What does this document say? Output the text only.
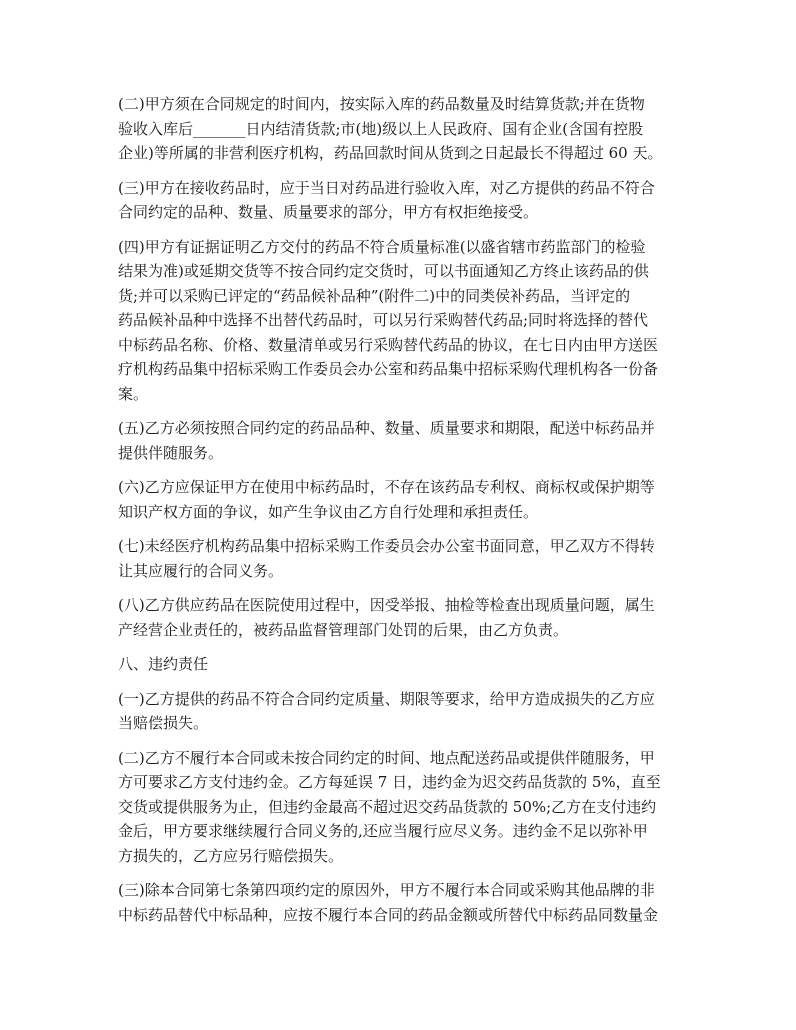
(二)甲方须在合同规定的时间内，按实际入库的药品数量及时结算货款;并在货物
验收入库后_______日内结清货款;市(地)级以上人民政府、国有企业(含国有控股
企业)等所属的非营利医疗机构，药品回款时间从货到之日起最长不得超过 60 天。
(三)甲方在接收药品时，应于当日对药品进行验收入库，对乙方提供的药品不符合
合同约定的品种、数量、质量要求的部分，甲方有权拒绝接受。
(四)甲方有证据证明乙方交付的药品不符合质量标准(以盛省辖市药监部门的检验
结果为准)或延期交货等不按合同约定交货时，可以书面通知乙方终止该药品的供
货;并可以采购已评定的“药品候补品种”(附件二)中的同类侯补药品，当评定的
药品候补品种中选择不出替代药品时，可以另行采购替代药品;同时将选择的替代
中标药品名称、价格、数量清单或另行采购替代药品的协议，在七日内由甲方送医
疗机构药品集中招标采购工作委员会办公室和药品集中招标采购代理机构各一份备
案。
(五)乙方必须按照合同约定的药品品种、数量、质量要求和期限，配送中标药品并
提供伴随服务。
(六)乙方应保证甲方在使用中标药品时，不存在该药品专利权、商标权或保护期等
知识产权方面的争议，如产生争议由乙方自行处理和承担责任。
(七)未经医疗机构药品集中招标采购工作委员会办公室书面同意，甲乙双方不得转
让其应履行的合同义务。
(八)乙方供应药品在医院使用过程中，因受举报、抽检等检查出现质量问题，属生
产经营企业责任的，被药品监督管理部门处罚的后果，由乙方负责。
八、违约责任
(一)乙方提供的药品不符合合同约定质量、期限等要求，给甲方造成损失的乙方应
当赔偿损失。
(二)乙方不履行本合同或未按合同约定的时间、地点配送药品或提供伴随服务，甲
方可要求乙方支付违约金。乙方每延误 7 日，违约金为迟交药品货款的 5%，直至
交货或提供服务为止，但违约金最高不超过迟交药品货款的 50%;乙方在支付违约
金后，甲方要求继续履行合同义务的,还应当履行应尽义务。违约金不足以弥补甲
方损失的，乙方应另行赔偿损失。
(三)除本合同第七条第四项约定的原因外，甲方不履行本合同或采购其他品牌的非
中标药品替代中标品种，应按不履行本合同的药品金额或所替代中标药品同数量金
